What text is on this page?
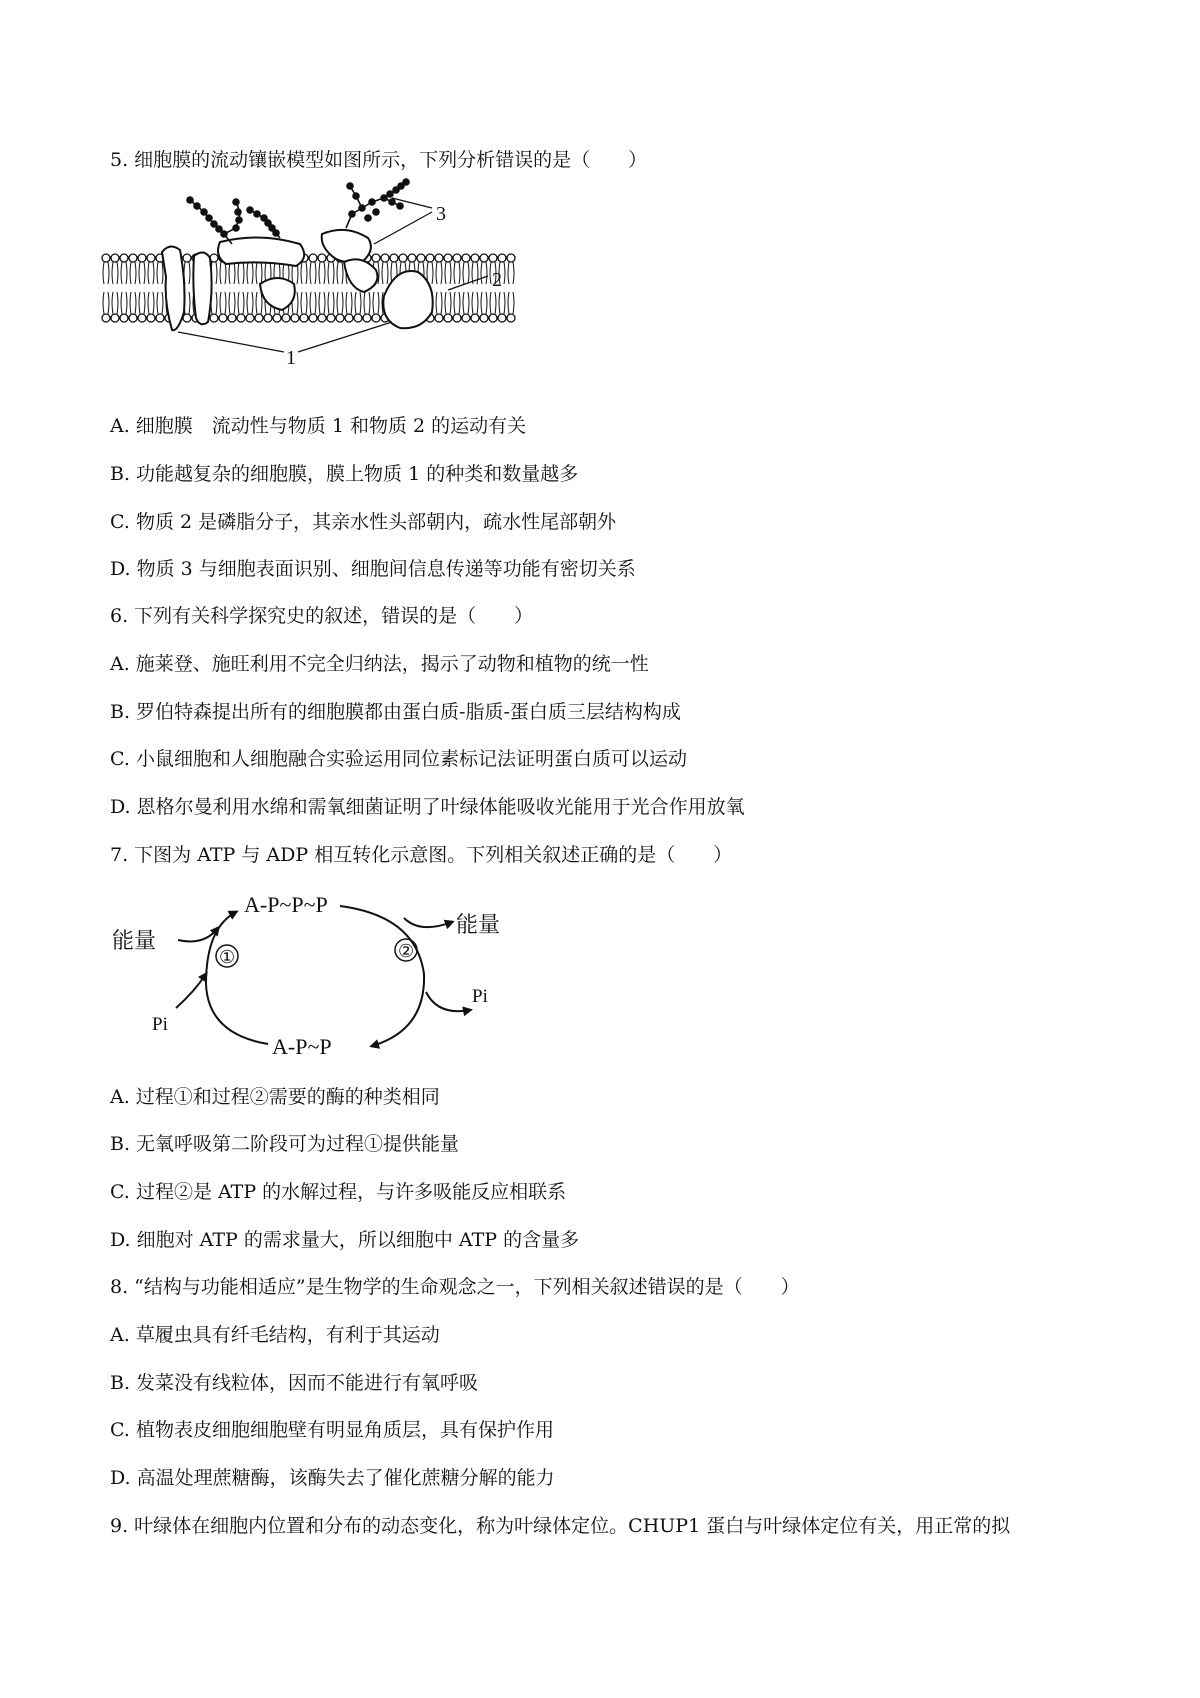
5. 细胞膜的流动镶嵌模型如图所示，下列分析错误的是（　　）
3
2
1
A. 细胞膜　流动性与物质 1 和物质 2 的运动有关
B. 功能越复杂的细胞膜，膜上物质 1 的种类和数量越多
C. 物质 2 是磷脂分子，其亲水性头部朝内，疏水性尾部朝外
D. 物质 3 与细胞表面识别、细胞间信息传递等功能有密切关系
6. 下列有关科学探究史的叙述，错误的是（　　）
A. 施莱登、施旺利用不完全归纳法，揭示了动物和植物的统一性
B. 罗伯特森提出所有的细胞膜都由蛋白质-脂质-蛋白质三层结构构成
C. 小鼠细胞和人细胞融合实验运用同位素标记法证明蛋白质可以运动
D. 恩格尔曼利用水绵和需氧细菌证明了叶绿体能吸收光能用于光合作用放氧
7. 下图为 ATP 与 ADP 相互转化示意图。下列相关叙述正确的是（　　）
①	②
A-P~P~P
A-P~P
能量
能量
Pi
Pi
A. 过程①和过程②需要的酶的种类相同
B. 无氧呼吸第二阶段可为过程①提供能量
C. 过程②是 ATP 的水解过程，与许多吸能反应相联系
D. 细胞对 ATP 的需求量大，所以细胞中 ATP 的含量多
8. “结构与功能相适应”是生物学的生命观念之一，下列相关叙述错误的是（　　）
A. 草履虫具有纤毛结构，有利于其运动
B. 发菜没有线粒体，因而不能进行有氧呼吸
C. 植物表皮细胞细胞壁有明显角质层，具有保护作用
D. 高温处理蔗糖酶，该酶失去了催化蔗糖分解的能力
9. 叶绿体在细胞内位置和分布的动态变化，称为叶绿体定位。CHUP1 蛋白与叶绿体定位有关，用正常的拟
